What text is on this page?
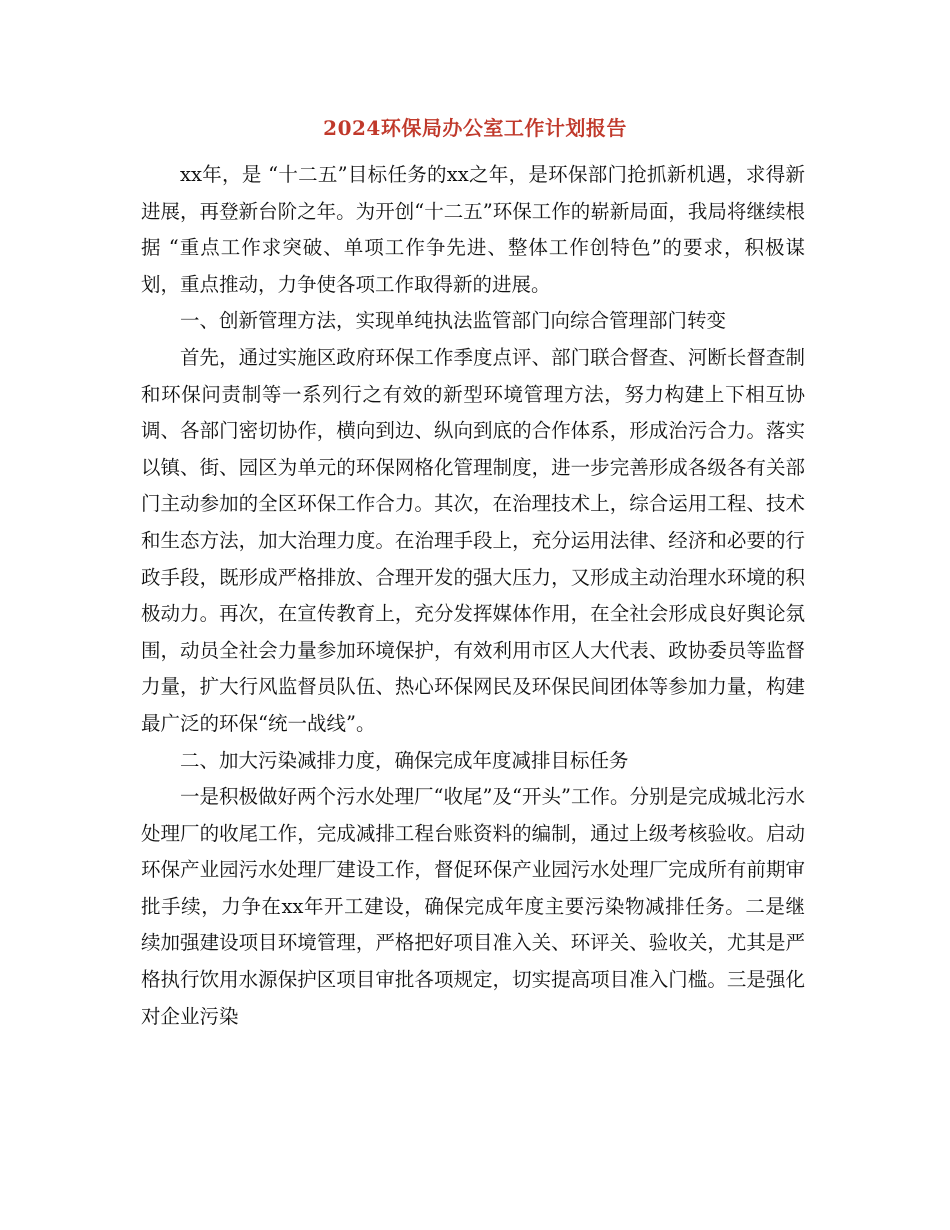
2024环保局办公室工作计划报告

xx年，是 “十二五”目标任务的xx之年，是环保部门抢抓新机遇，求得新进展，再登新台阶之年。为开创“十二五”环保工作的崭新局面，我局将继续根据 “重点工作求突破、单项工作争先进、整体工作创特色”的要求，积极谋划，重点推动，力争使各项工作取得新的进展。

一、创新管理方法，实现单纯执法监管部门向综合管理部门转变

首先，通过实施区政府环保工作季度点评、部门联合督查、河断长督查制和环保问责制等一系列行之有效的新型环境管理方法，努力构建上下相互协调、各部门密切协作，横向到边、纵向到底的合作体系，形成治污合力。落实以镇、街、园区为单元的环保网格化管理制度，进一步完善形成各级各有关部门主动参加的全区环保工作合力。其次，在治理技术上，综合运用工程、技术和生态方法，加大治理力度。在治理手段上，充分运用法律、经济和必要的行政手段，既形成严格排放、合理开发的强大压力，又形成主动治理水环境的积极动力。再次，在宣传教育上，充分发挥媒体作用，在全社会形成良好舆论氛围，动员全社会力量参加环境保护，有效利用市区人大代表、政协委员等监督力量，扩大行风监督员队伍、热心环保网民及环保民间团体等参加力量，构建最广泛的环保“统一战线”。

二、加大污染减排力度，确保完成年度减排目标任务

一是积极做好两个污水处理厂“收尾”及“开头”工作。分别是完成城北污水处理厂的收尾工作，完成减排工程台账资料的编制，通过上级考核验收。启动环保产业园污水处理厂建设工作，督促环保产业园污水处理厂完成所有前期审批手续，力争在xx年开工建设，确保完成年度主要污染物减排任务。二是继续加强建设项目环境管理，严格把好项目准入关、环评关、验收关，尤其是严格执行饮用水源保护区项目审批各项规定，切实提高项目准入门槛。三是强化对企业污染
